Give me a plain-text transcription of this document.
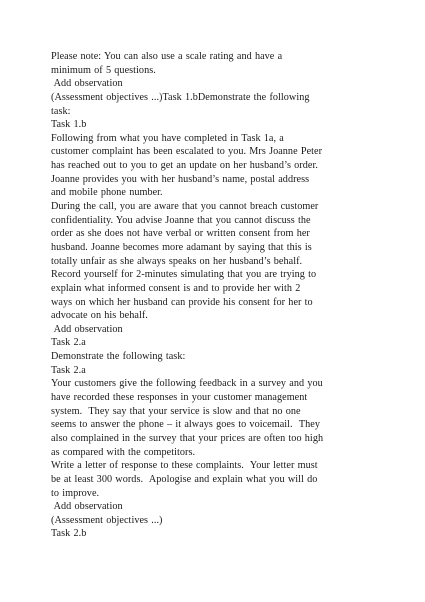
Please note: You can also use a scale rating and have a
minimum of 5 questions.
Add observation
(Assessment objectives ...)Task 1.bDemonstrate the following
task:
Task 1.b
Following from what you have completed in Task 1a, a
customer complaint has been escalated to you. Mrs Joanne Peter
has reached out to you to get an update on her husband’s order.
Joanne provides you with her husband’s name, postal address
and mobile phone number.
During the call, you are aware that you cannot breach customer
confidentiality. You advise Joanne that you cannot discuss the
order as she does not have verbal or written consent from her
husband. Joanne becomes more adamant by saying that this is
totally unfair as she always speaks on her husband’s behalf.
Record yourself for 2-minutes simulating that you are trying to
explain what informed consent is and to provide her with 2
ways on which her husband can provide his consent for her to
advocate on his behalf.
Add observation
Task 2.a
Demonstrate the following task:
Task 2.a
Your customers give the following feedback in a survey and you
have recorded these responses in your customer management
system.  They say that your service is slow and that no one
seems to answer the phone – it always goes to voicemail.  They
also complained in the survey that your prices are often too high
as compared with the competitors.
Write a letter of response to these complaints.  Your letter must
be at least 300 words.  Apologise and explain what you will do
to improve.
Add observation
(Assessment objectives ...)
Task 2.b
